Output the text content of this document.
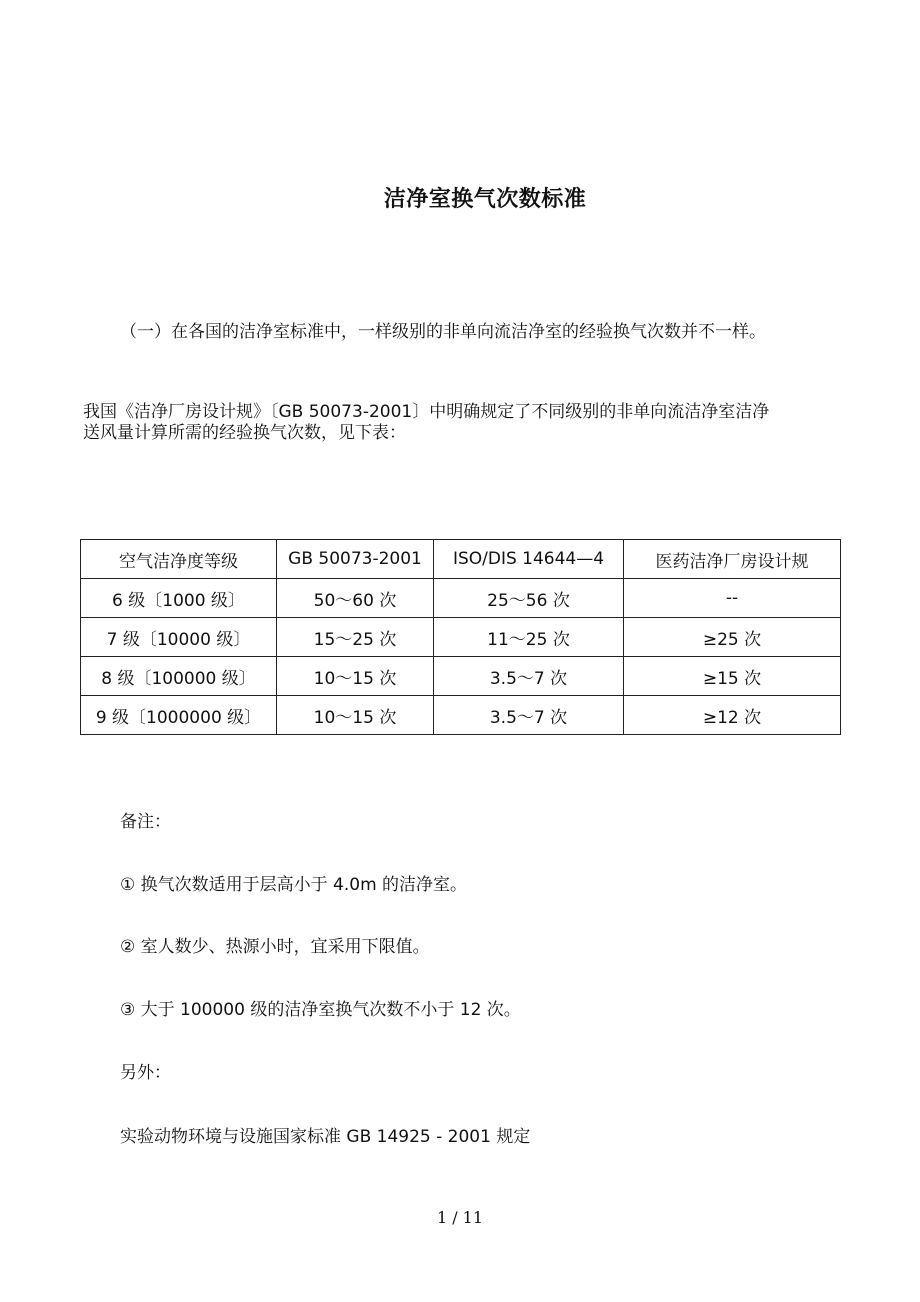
洁净室换气次数标准
（一）在各国的洁净室标准中，一样级别的非单向流洁净室的经验换气次数并不一样。
我国《洁净厂房设计规》〔GB 50073-2001〕中明确规定了不同级别的非单向流洁净室洁净
送风量计算所需的经验换气次数，见下表：
空气洁净度等级	GB 50073-2001	ISO/DIS 14644—4	医药洁净厂房设计规
6 级〔1000 级〕	50～60 次	25～56 次	--
7 级〔10000 级〕	15～25 次	11～25 次	≥25 次
8 级〔100000 级〕	10～15 次	3.5～7 次	≥15 次
9 级〔1000000 级〕	10～15 次	3.5～7 次	≥12 次
备注：
① 换气次数适用于层高小于 4.0m 的洁净室。
② 室人数少、热源小时，宜采用下限值。
③ 大于 100000 级的洁净室换气次数不小于 12 次。
另外：
实验动物环境与设施国家标准 GB 14925 - 2001 规定
1 / 11
